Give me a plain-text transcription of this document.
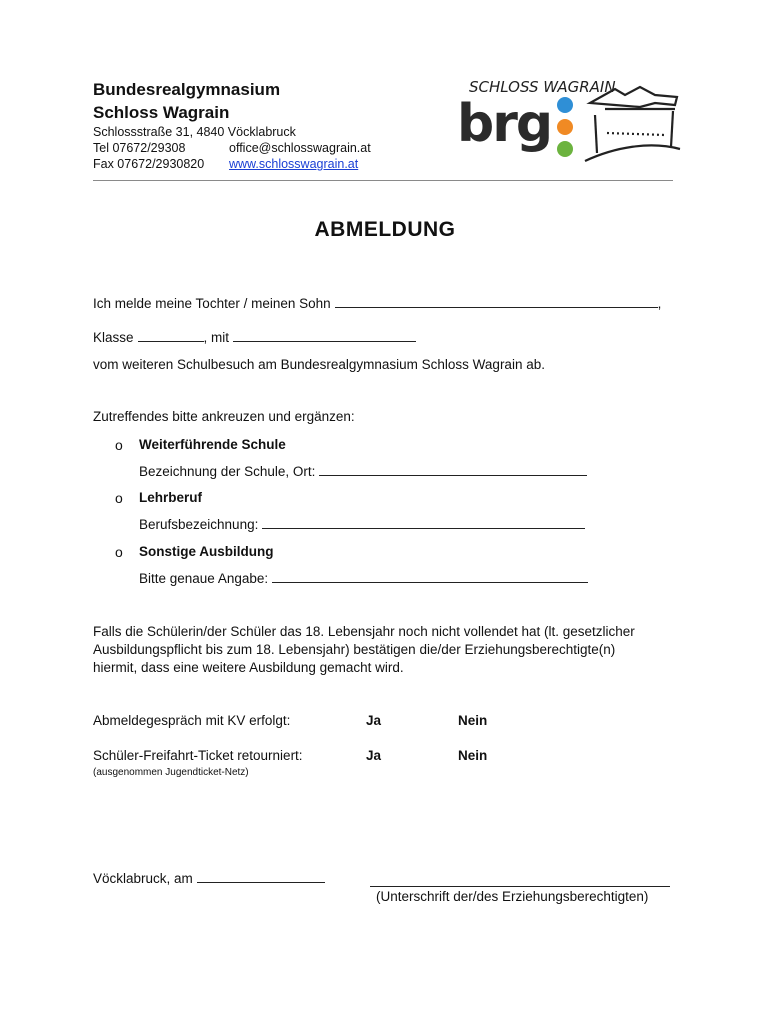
Bundesrealgymnasium
Schloss Wagrain
Schlossstraße 31, 4840 Vöcklabruck
Tel 07672/29308	office@schlosswagrain.at
Fax 07672/2930820 www.schlosswagrain.at
SCHLOSS WAGRAIN
brg
ABMELDUNG
Ich melde meine Tochter / meinen Sohn	,
Klasse	, mit
vom weiteren Schulbesuch am Bundesrealgymnasium Schloss Wagrain ab.
Zutreffendes bitte ankreuzen und ergänzen:
o Weiterführende Schule
Bezeichnung der Schule, Ort:
o Lehrberuf
Berufsbezeichnung:
o Sonstige Ausbildung
Bitte genaue Angabe:
Falls die Schülerin/der Schüler das 18. Lebensjahr noch nicht vollendet hat (lt. gesetzlicher
Ausbildungspflicht bis zum 18. Lebensjahr) bestätigen die/der Erziehungsberechtigte(n)
hiermit, dass eine weitere Ausbildung gemacht wird.
Abmeldegespräch mit KV erfolgt:	Ja	Nein
Schüler-Freifahrt-Ticket retourniert:	Ja	Nein
(ausgenommen Jugendticket-Netz)
Vöcklabruck, am
(Unterschrift der/des Erziehungsberechtigten)
